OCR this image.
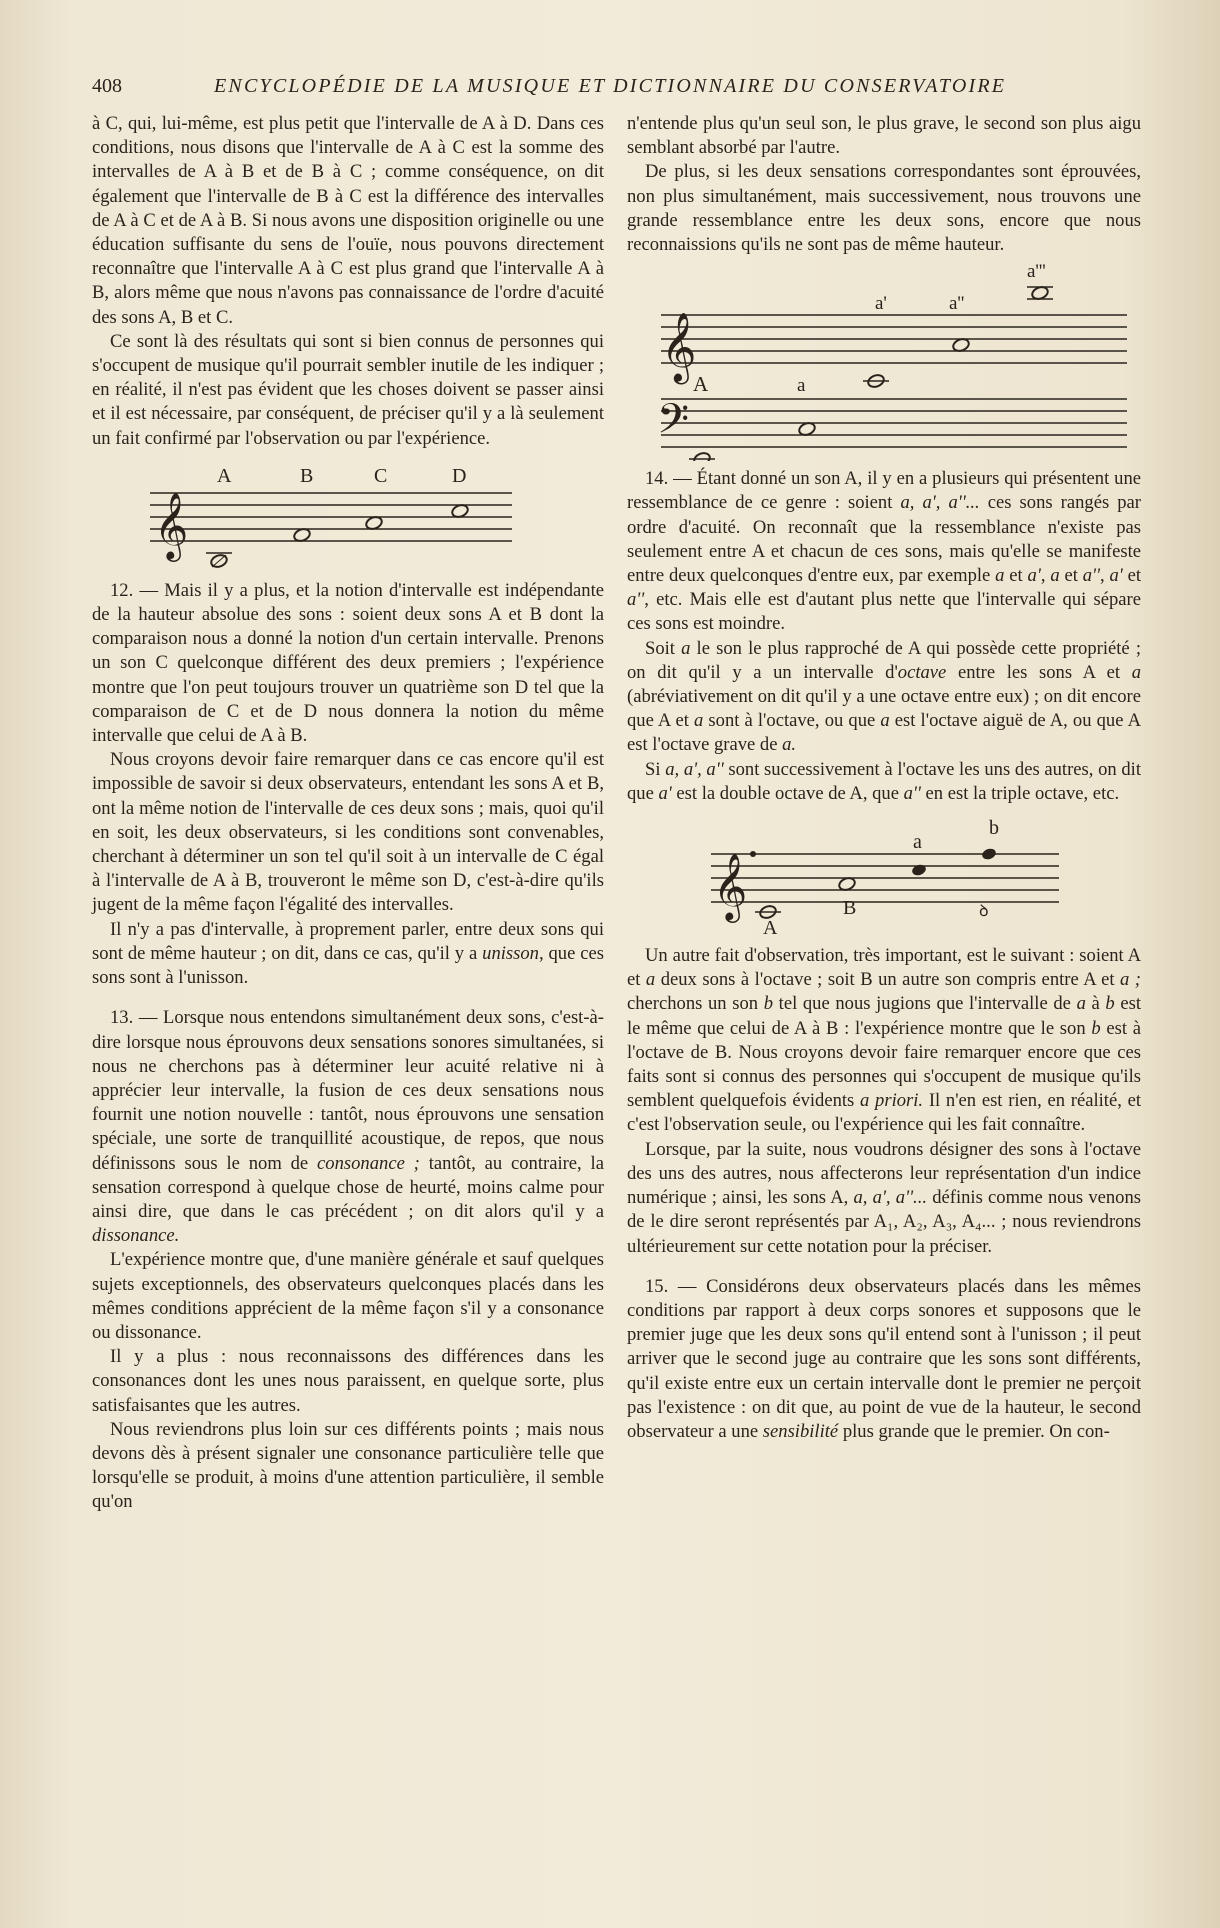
408	ENCYCLOPÉDIE DE LA MUSIQUE ET DICTIONNAIRE DU CONSERVATOIRE

à C, qui, lui-même, est plus petit que l'intervalle de A à D. Dans ces conditions, nous disons que l'intervalle de A à C est la somme des intervalles de A à B et de B à C ; comme conséquence, on dit également que l'intervalle de B à C est la différence des intervalles de A à C et de A à B. Si nous avons une disposition originelle ou une éducation suffisante du sens de l'ouïe, nous pouvons directement reconnaître que l'intervalle A à C est plus grand que l'intervalle A à B, alors même que nous n'avons pas connaissance de l'ordre d'acuité des sons A, B et C.

Ce sont là des résultats qui sont si bien connus de personnes qui s'occupent de musique qu'il pourrait sembler inutile de les indiquer ; en réalité, il n'est pas évident que les choses doivent se passer ainsi et il est nécessaire, par conséquent, de préciser qu'il y a là seulement un fait confirmé par l'observation ou par l'expérience.

𝄞
A	B	C	D

12. — Mais il y a plus, et la notion d'intervalle est indépendante de la hauteur absolue des sons : soient deux sons A et B dont la comparaison nous a donné la notion d'un certain intervalle. Prenons un son C quelconque différent des deux premiers ; l'expérience montre que l'on peut toujours trouver un quatrième son D tel que la comparaison de C et de D nous donnera la notion du même intervalle que celui de A à B.

Nous croyons devoir faire remarquer dans ce cas encore qu'il est impossible de savoir si deux observateurs, entendant les sons A et B, ont la même notion de l'intervalle de ces deux sons ; mais, quoi qu'il en soit, les deux observateurs, si les conditions sont convenables, cherchant à déterminer un son tel qu'il soit à un intervalle de C égal à l'intervalle de A à B, trouveront le même son D, c'est-à-dire qu'ils jugent de la même façon l'égalité des intervalles.

Il n'y a pas d'intervalle, à proprement parler, entre deux sons qui sont de même hauteur ; on dit, dans ce cas, qu'il y a unisson, que ces sons sont à l'unisson.

13. — Lorsque nous entendons simultanément deux sons, c'est-à-dire lorsque nous éprouvons deux sensations sonores simultanées, si nous ne cherchons pas à déterminer leur acuité relative ni à apprécier leur intervalle, la fusion de ces deux sensations nous fournit une notion nouvelle : tantôt, nous éprouvons une sensation spéciale, une sorte de tranquillité acoustique, de repos, que nous définissons sous le nom de consonance ; tantôt, au contraire, la sensation correspond à quelque chose de heurté, moins calme pour ainsi dire, que dans le cas précédent ; on dit alors qu'il y a dissonance.

L'expérience montre que, d'une manière générale et sauf quelques sujets exceptionnels, des observateurs quelconques placés dans les mêmes conditions apprécient de la même façon s'il y a consonance ou dissonance.

Il y a plus : nous reconnaissons des différences dans les consonances dont les unes nous paraissent, en quelque sorte, plus satisfaisantes que les autres.

Nous reviendrons plus loin sur ces différents points ; mais nous devons dès à présent signaler une consonance particulière telle que lorsqu'elle se produit, à moins d'une attention particulière, il semble qu'on

n'entende plus qu'un seul son, le plus grave, le second son plus aigu semblant absorbé par l'autre.

De plus, si les deux sensations correspondantes sont éprouvées, non plus simultanément, mais successivement, nous trouvons une grande ressemblance entre les deux sons, encore que nous reconnaissions qu'ils ne sont pas de même hauteur.

𝄞
𝄢
a'''
a'	a''
A	a

14. — Étant donné un son A, il y en a plusieurs qui présentent une ressemblance de ce genre : soient a, a', a''... ces sons rangés par ordre d'acuité. On reconnaît que la ressemblance n'existe pas seulement entre A et chacun de ces sons, mais qu'elle se manifeste entre deux quelconques d'entre eux, par exemple a et a', a et a'', a' et a'', etc. Mais elle est d'autant plus nette que l'intervalle qui sépare ces sons est moindre.

Soit a le son le plus rapproché de A qui possède cette propriété ; on dit qu'il y a un intervalle d'octave entre les sons A et a (abréviativement on dit qu'il y a une octave entre eux) ; on dit encore que A et a sont à l'octave, ou que a est l'octave aiguë de A, ou que A est l'octave grave de a.

Si a, a', a'' sont successivement à l'octave les uns des autres, on dit que a' est la double octave de A, que a'' en est la triple octave, etc.

𝄞	ꝺ
b
a
A
B

Un autre fait d'observation, très important, est le suivant : soient A et a deux sons à l'octave ; soit B un autre son compris entre A et a ; cherchons un son b tel que nous jugions que l'intervalle de a à b est le même que celui de A à B : l'expérience montre que le son b est à l'octave de B. Nous croyons devoir faire remarquer encore que ces faits sont si connus des personnes qui s'occupent de musique qu'ils semblent quelquefois évidents a priori. Il n'en est rien, en réalité, et c'est l'observation seule, ou l'expérience qui les fait connaître.

Lorsque, par la suite, nous voudrons désigner des sons à l'octave des uns des autres, nous affecterons leur représentation d'un indice numérique ; ainsi, les sons A, a, a', a''... définis comme nous venons de le dire seront représentés par A₁, A₂, A₃, A₄... ; nous reviendrons ultérieurement sur cette notation pour la préciser.

15. — Considérons deux observateurs placés dans les mêmes conditions par rapport à deux corps sonores et supposons que le premier juge que les deux sons qu'il entend sont à l'unisson ; il peut arriver que le second juge au contraire que les sons sont différents, qu'il existe entre eux un certain intervalle dont le premier ne perçoit pas l'existence : on dit que, au point de vue de la hauteur, le second observateur a une sensibilité plus grande que le premier. On con-
